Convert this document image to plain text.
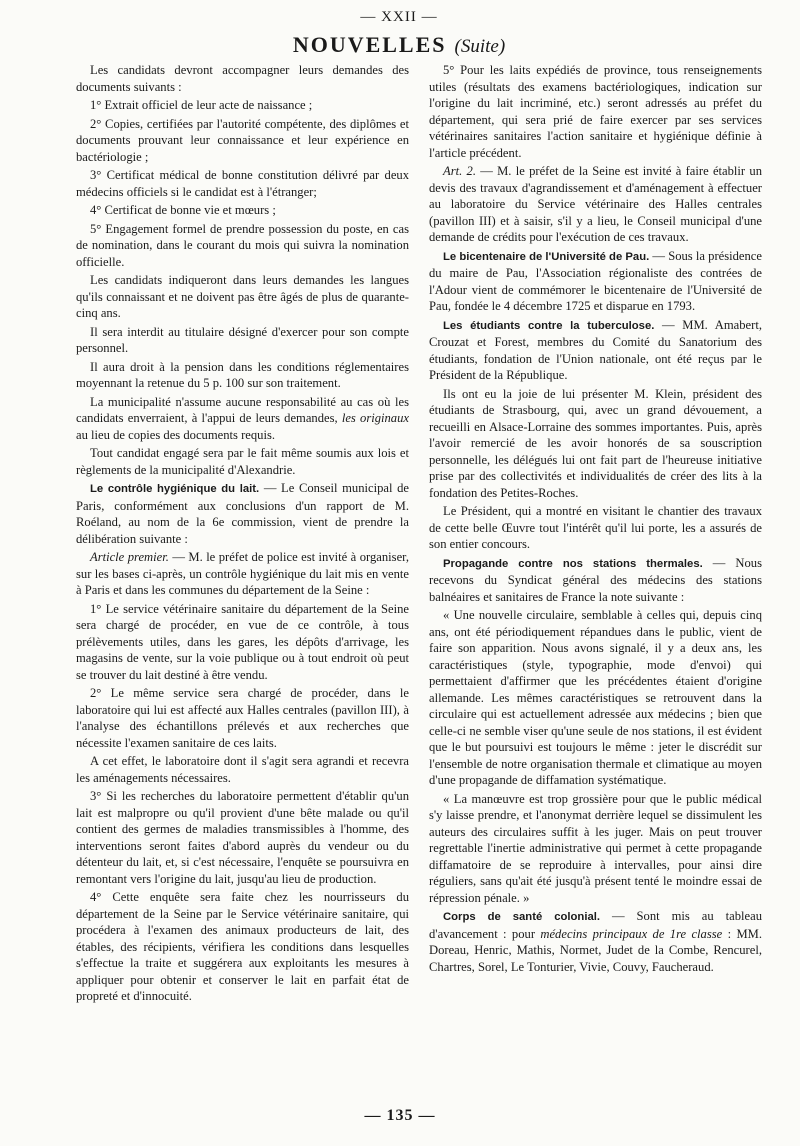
— XXII —
NOUVELLES (Suite)

Les candidats devront accompagner leurs demandes des documents suivants :

1° Extrait officiel de leur acte de naissance ;

2° Copies, certifiées par l'autorité compétente, des diplômes et documents prouvant leur connaissance et leur expérience en bactériologie ;

3° Certificat médical de bonne constitution délivré par deux médecins officiels si le candidat est à l'étranger;

4° Certificat de bonne vie et mœurs ;

5° Engagement formel de prendre possession du poste, en cas de nomination, dans le courant du mois qui suivra la nomination officielle.

Les candidats indiqueront dans leurs demandes les langues qu'ils connaissant et ne doivent pas être âgés de plus de quarante-cinq ans.

Il sera interdit au titulaire désigné d'exercer pour son compte personnel.

Il aura droit à la pension dans les conditions réglementaires moyennant la retenue du 5 p. 100 sur son traitement.

La municipalité n'assume aucune responsabilité au cas où les candidats enverraient, à l'appui de leurs demandes, les originaux au lieu de copies des documents requis.

Tout candidat engagé sera par le fait même soumis aux lois et règlements de la municipalité d'Alexandrie.

Le contrôle hygiénique du lait. — Le Conseil municipal de Paris, conformément aux conclusions d'un rapport de M. Roéland, au nom de la 6e commission, vient de prendre la délibération suivante :

Article premier. — M. le préfet de police est invité à organiser, sur les bases ci-après, un contrôle hygiénique du lait mis en vente à Paris et dans les communes du département de la Seine :

1° Le service vétérinaire sanitaire du département de la Seine sera chargé de procéder, en vue de ce contrôle, à tous prélèvements utiles, dans les gares, les dépôts d'arrivage, les magasins de vente, sur la voie publique ou à tout endroit où peut se trouver du lait destiné à être vendu.

2° Le même service sera chargé de procéder, dans le laboratoire qui lui est affecté aux Halles centrales (pavillon III), à l'analyse des échantillons prélevés et aux recherches que nécessite l'examen sanitaire de ces laits.

A cet effet, le laboratoire dont il s'agit sera agrandi et recevra les aménagements nécessaires.

3° Si les recherches du laboratoire permettent d'établir qu'un lait est malpropre ou qu'il provient d'une bête malade ou qu'il contient des germes de maladies transmissibles à l'homme, des interventions seront faites d'abord auprès du vendeur ou du détenteur du lait, et, si c'est nécessaire, l'enquête se poursuivra en remontant vers l'origine du lait, jusqu'au lieu de production.

4° Cette enquête sera faite chez les nourrisseurs du département de la Seine par le Service vétérinaire sanitaire, qui procédera à l'examen des animaux producteurs de lait, des étables, des récipients, vérifiera les conditions dans lesquelles s'effectue la traite et suggérera aux exploitants les mesures à appliquer pour obtenir et conserver le lait en parfait état de propreté et d'innocuité.

5° Pour les laits expédiés de province, tous renseignements utiles (résultats des examens bactériologiques, indication sur l'origine du lait incriminé, etc.) seront adressés au préfet du département, qui sera prié de faire exercer par ses services vétérinaires sanitaires l'action sanitaire et hygiénique définie à l'article précédent.

Art. 2. — M. le préfet de la Seine est invité à faire établir un devis des travaux d'agrandissement et d'aménagement à effectuer au laboratoire du Service vétérinaire des Halles centrales (pavillon III) et à saisir, s'il y a lieu, le Conseil municipal d'une demande de crédits pour l'exécution de ces travaux.

Le bicentenaire de l'Université de Pau. — Sous la présidence du maire de Pau, l'Association régionaliste des contrées de l'Adour vient de commémorer le bicentenaire de l'Université de Pau, fondée le 4 décembre 1725 et disparue en 1793.

Les étudiants contre la tuberculose. — MM. Amabert, Crouzat et Forest, membres du Comité du Sanatorium des étudiants, fondation de l'Union nationale, ont été reçus par le Président de la République.

Ils ont eu la joie de lui présenter M. Klein, président des étudiants de Strasbourg, qui, avec un grand dévouement, a recueilli en Alsace-Lorraine des sommes importantes. Puis, après l'avoir remercié de les avoir honorés de sa souscription personnelle, les délégués lui ont fait part de l'heureuse initiative prise par des collectivités et individualités de créer des lits à la fondation des Petites-Roches.

Le Président, qui a montré en visitant le chantier des travaux de cette belle Œuvre tout l'intérêt qu'il lui porte, les a assurés de son entier concours.

Propagande contre nos stations thermales. — Nous recevons du Syndicat général des médecins des stations balnéaires et sanitaires de France la note suivante :

« Une nouvelle circulaire, semblable à celles qui, depuis cinq ans, ont été périodiquement répandues dans le public, vient de faire son apparition. Nous avons signalé, il y a deux ans, les caractéristiques (style, typographie, mode d'envoi) qui permettaient d'affirmer que les précédentes étaient d'origine allemande. Les mêmes caractéristiques se retrouvent dans la circulaire qui est actuellement adressée aux médecins ; bien que celle-ci ne semble viser qu'une seule de nos stations, il est évident que le but poursuivi est toujours le même : jeter le discrédit sur l'ensemble de notre organisation thermale et climatique au moyen d'une propagande de diffamation systématique.

« La manœuvre est trop grossière pour que le public médical s'y laisse prendre, et l'anonymat derrière lequel se dissimulent les auteurs des circulaires suffit à les juger. Mais on peut trouver regrettable l'inertie administrative qui permet à cette propagande diffamatoire de se reproduire à intervalles, pour ainsi dire réguliers, sans qu'ait été jusqu'à présent tenté le moindre essai de répression pénale. »

Corps de santé colonial. — Sont mis au tableau d'avancement : pour médecins principaux de 1re classe : MM. Doreau, Henric, Mathis, Normet, Judet de la Combe, Rencurel, Chartres, Sorel, Le Tonturier, Vivie, Couvy, Faucheraud.

— 135 —
